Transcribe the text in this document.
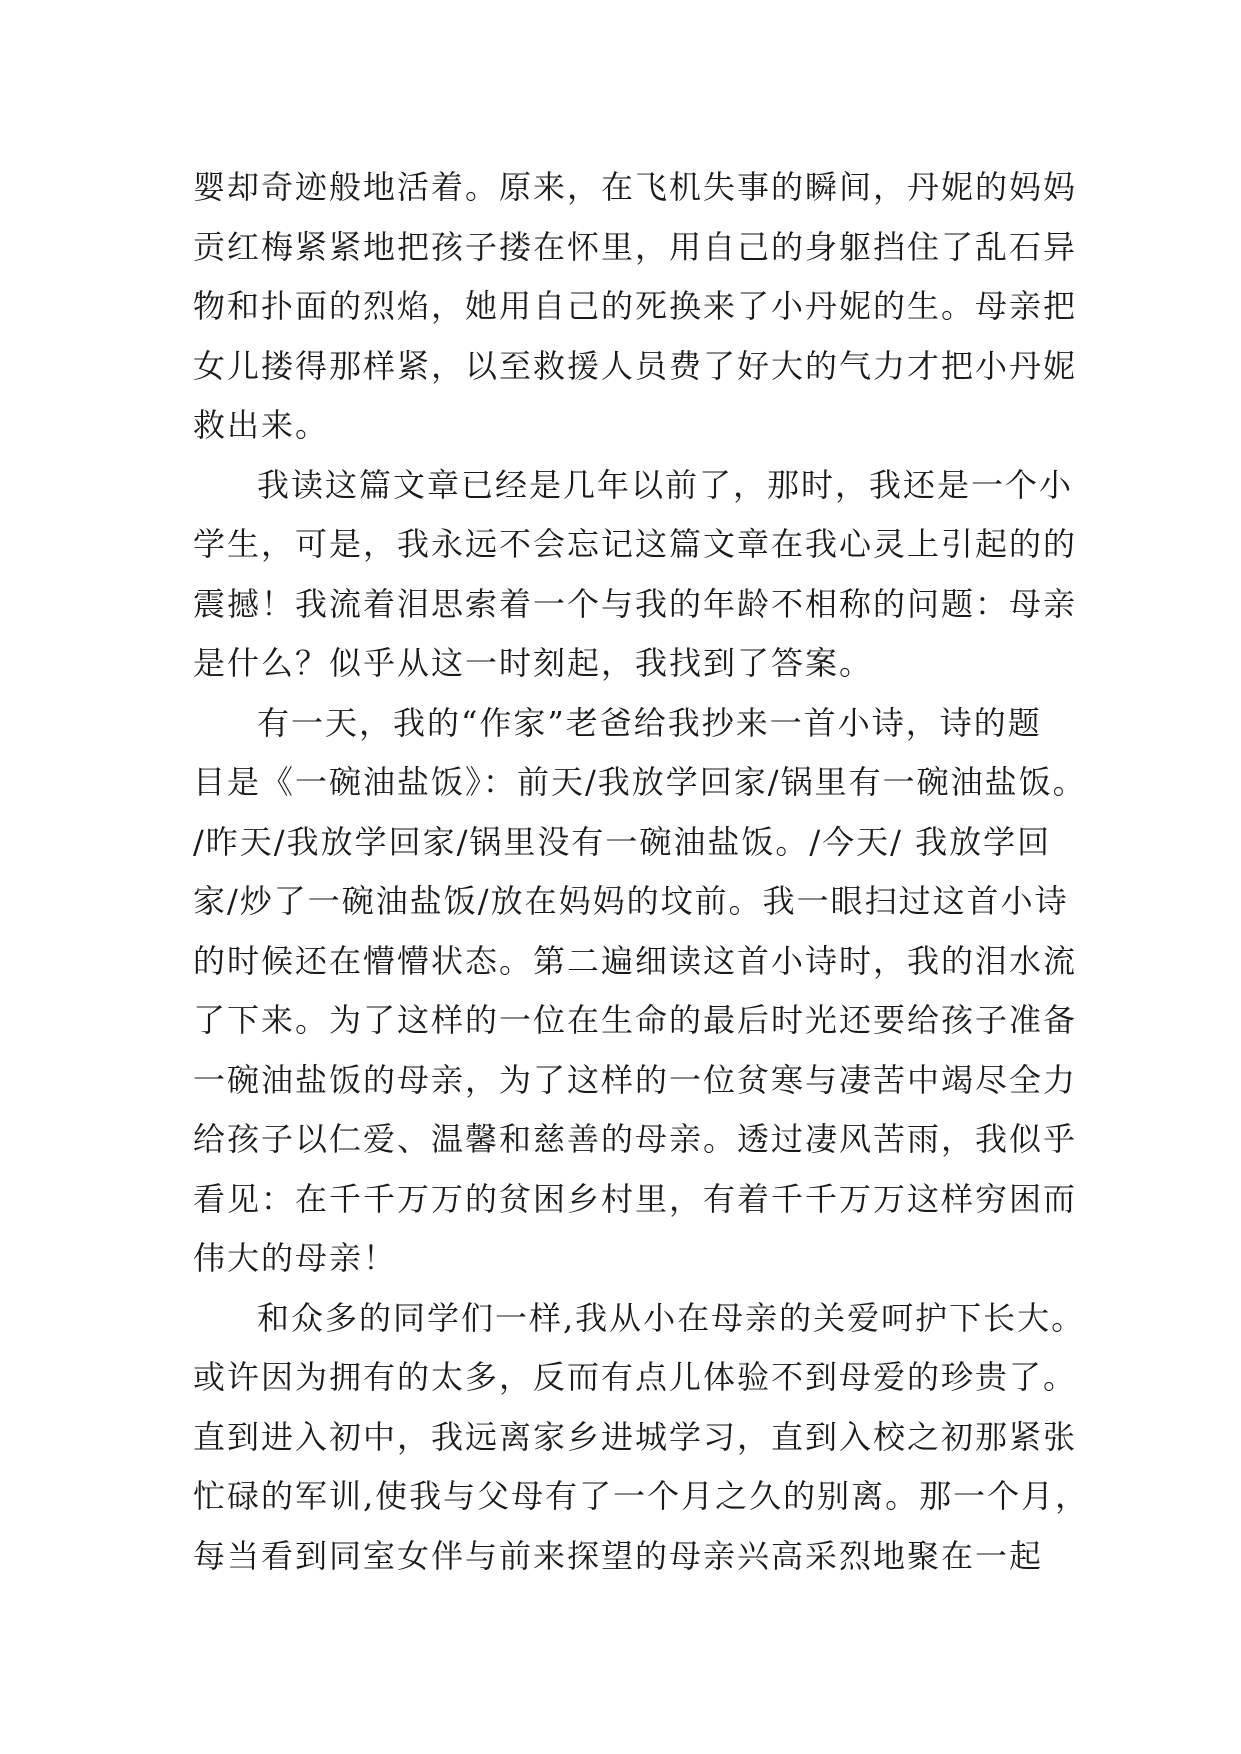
婴却奇迹般地活着。原来，在飞机失事的瞬间，丹妮的妈妈
贡红梅紧紧地把孩子搂在怀里，用自己的身躯挡住了乱石异
物和扑面的烈焰，她用自己的死换来了小丹妮的生。母亲把
女儿搂得那样紧，以至救援人员费了好大的气力才把小丹妮
救出来。
我读这篇文章已经是几年以前了，那时，我还是一个小
学生，可是，我永远不会忘记这篇文章在我心灵上引起的的
震撼！我流着泪思索着一个与我的年龄不相称的问题：母亲
是什么？似乎从这一时刻起，我找到了答案。
有一天，我的“作家”老爸给我抄来一首小诗，诗的题
目是《一碗油盐饭》：前天/我放学回家/锅里有一碗油盐饭。
/昨天/我放学回家/锅里没有一碗油盐饭。/今天/ 我放学回
家/炒了一碗油盐饭/放在妈妈的坟前。我一眼扫过这首小诗
的时候还在懵懵状态。第二遍细读这首小诗时，我的泪水流
了下来。为了这样的一位在生命的最后时光还要给孩子准备
一碗油盐饭的母亲，为了这样的一位贫寒与凄苦中竭尽全力
给孩子以仁爱、温馨和慈善的母亲。透过凄风苦雨，我似乎
看见：在千千万万的贫困乡村里，有着千千万万这样穷困而
伟大的母亲！
和众多的同学们一样,我从小在母亲的关爱呵护下长大。
或许因为拥有的太多，反而有点儿体验不到母爱的珍贵了。
直到进入初中，我远离家乡进城学习，直到入校之初那紧张
忙碌的军训,使我与父母有了一个月之久的别离。那一个月，
每当看到同室女伴与前来探望的母亲兴高采烈地聚在一起
